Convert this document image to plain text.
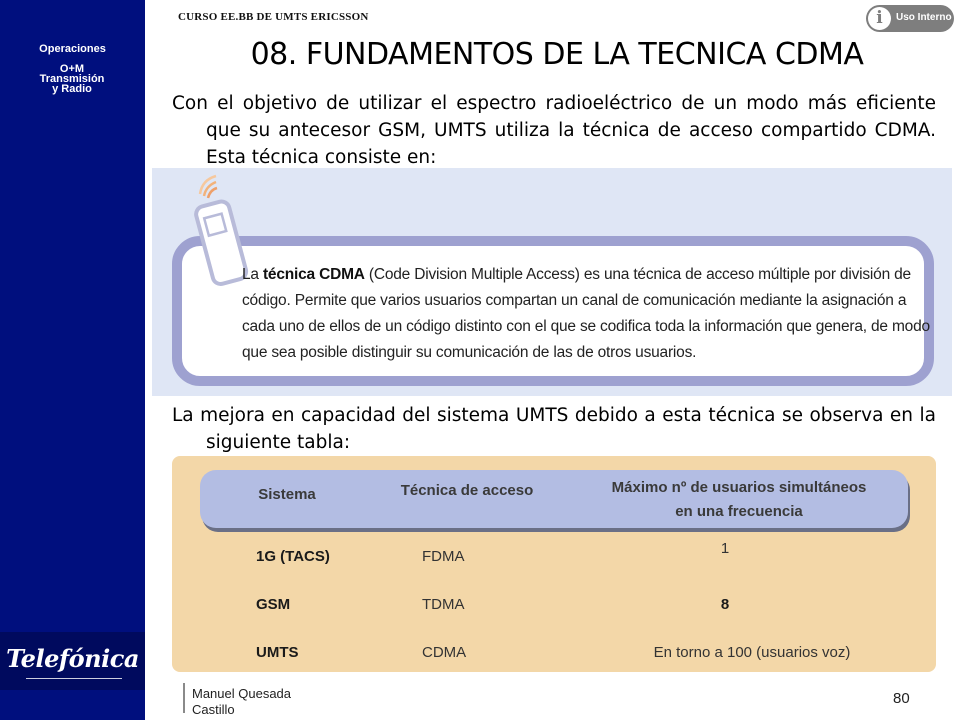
Operaciones
O+M
Transmisión
y Radio
Telefónica
CURSO EE.BB DE UMTS ERICSSON	i	Uso Interno
08. FUNDAMENTOS DE LA TECNICA CDMA
Con el objetivo de utilizar el espectro radioeléctrico de un modo más eficiente que su antecesor GSM, UMTS utiliza la técnica de acceso compartido CDMA. Esta técnica consiste en:
La técnica CDMA (Code Division Multiple Access) es una técnica de acceso múltiple por división de código. Permite que varios usuarios compartan un canal de comunicación mediante la asignación a cada uno de ellos de un código distinto con el que se codifica toda la información que genera, de modo que sea posible distinguir su comunicación de las de otros usuarios.
La mejora en capacidad del sistema UMTS debido a esta técnica se observa en la siguiente tabla:
Sistema	Técnica de acceso	Máximo nº de usuarios simultáneos en una frecuencia
1G (TACS)	FDMA	1
GSM	TDMA	8
UMTS	CDMA	En torno a 100 (usuarios voz)
Manuel Quesada Castillo
80
